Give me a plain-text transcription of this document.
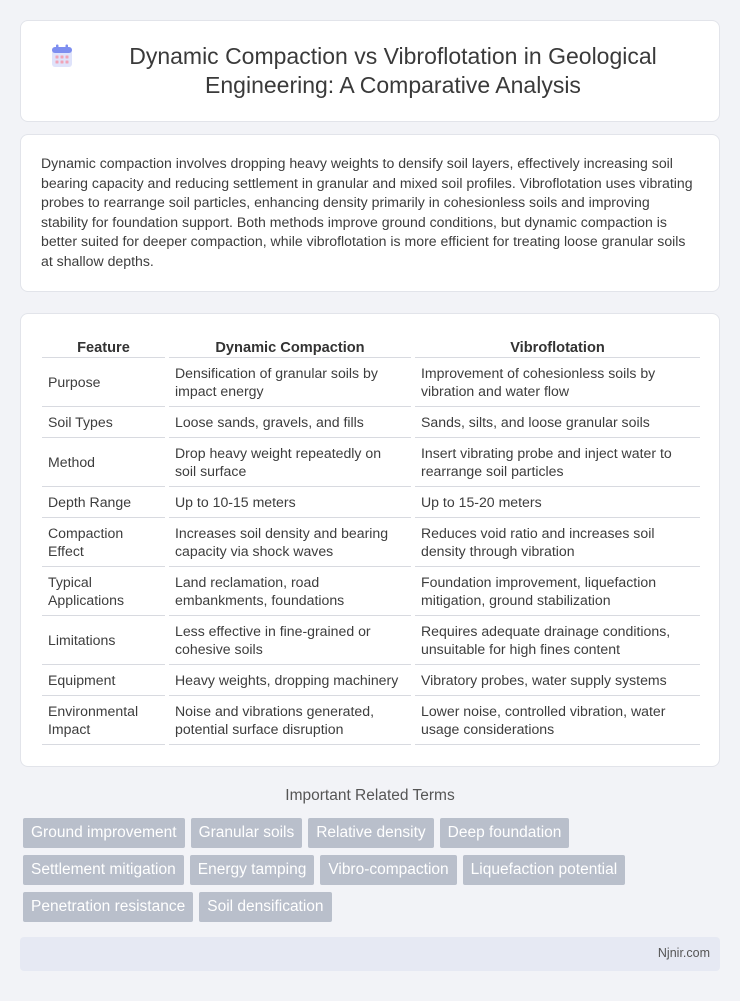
Dynamic Compaction vs Vibroflotation in Geological Engineering: A Comparative Analysis

Dynamic compaction involves dropping heavy weights to densify soil layers, effectively increasing soil bearing capacity and reducing settlement in granular and mixed soil profiles. Vibroflotation uses vibrating probes to rearrange soil particles, enhancing density primarily in cohesionless soils and improving stability for foundation support. Both methods improve ground conditions, but dynamic compaction is better suited for deeper compaction, while vibroflotation is more efficient for treating loose granular soils at shallow depths.

Feature	Dynamic Compaction	Vibroflotation
Purpose	Densification of granular soils by impact energy	Improvement of cohesionless soils by vibration and water flow
Soil Types	Loose sands, gravels, and fills	Sands, silts, and loose granular soils
Method	Drop heavy weight repeatedly on soil surface	Insert vibrating probe and inject water to rearrange soil particles
Depth Range	Up to 10-15 meters	Up to 15-20 meters
Compaction Effect	Increases soil density and bearing capacity via shock waves	Reduces void ratio and increases soil density through vibration
Typical Applications	Land reclamation, road embankments, foundations	Foundation improvement, liquefaction mitigation, ground stabilization
Limitations	Less effective in fine-grained or cohesive soils	Requires adequate drainage conditions, unsuitable for high fines content
Equipment	Heavy weights, dropping machinery	Vibratory probes, water supply systems
Environmental Impact	Noise and vibrations generated, potential surface disruption	Lower noise, controlled vibration, water usage considerations
Important Related Terms
Ground improvement	Granular soils	Relative density	Deep foundation
Settlement mitigation	Energy tamping	Vibro-compaction	Liquefaction potential
Penetration resistance	Soil densification
Njnir.com
